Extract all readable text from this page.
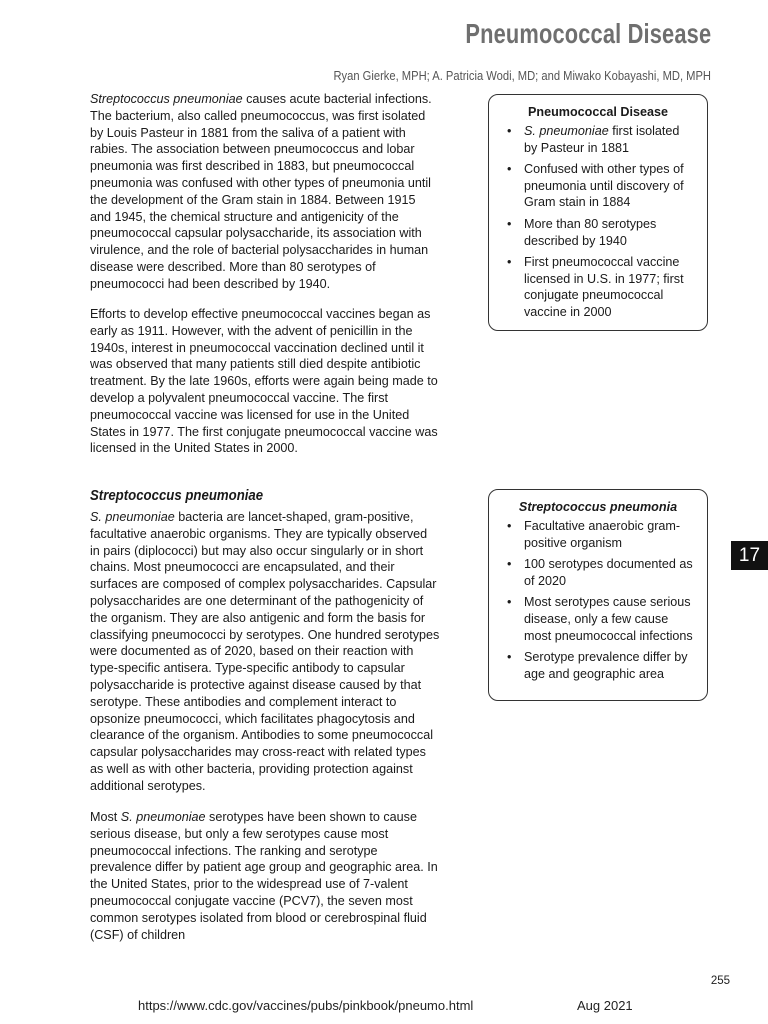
Pneumococcal Disease
Ryan Gierke, MPH; A. Patricia Wodi, MD; and Miwako Kobayashi, MD, MPH

Streptococcus pneumoniae causes acute bacterial infections. The bacterium, also called pneumococcus, was first isolated by Louis Pasteur in 1881 from the saliva of a patient with rabies. The association between pneumococcus and lobar pneumonia was first described in 1883, but pneumococcal pneumonia was confused with other types of pneumonia until the development of the Gram stain in 1884. Between 1915 and 1945, the chemical structure and antigenicity of the pneumococcal capsular polysaccharide, its association with virulence, and the role of bacterial polysaccharides in human disease were described. More than 80 serotypes of pneumococci had been described by 1940.

Efforts to develop effective pneumococcal vaccines began as early as 1911. However, with the advent of penicillin in the 1940s, interest in pneumococcal vaccination declined until it was observed that many patients still died despite antibiotic treatment. By the late 1960s, efforts were again being made to develop a polyvalent pneumococcal vaccine. The first pneumococcal vaccine was licensed for use in the United States in 1977. The first conjugate pneumococcal vaccine was licensed in the United States in 2000.

Streptococcus pneumoniae

S. pneumoniae bacteria are lancet-shaped, gram-positive, facultative anaerobic organisms. They are typically observed in pairs (diplococci) but may also occur singularly or in short chains. Most pneumococci are encapsulated, and their surfaces are composed of complex polysaccharides. Capsular polysaccharides are one determinant of the pathogenicity of the organism. They are also antigenic and form the basis for classifying pneumococci by serotypes. One hundred serotypes were documented as of 2020, based on their reaction with type-specific antisera. Type-specific antibody to capsular polysaccharide is protective against disease caused by that serotype. These antibodies and complement interact to opsonize pneumococci, which facilitates phagocytosis and clearance of the organism. Antibodies to some pneumococcal capsular polysaccharides may cross-react with related types as well as with other bacteria, providing protection against additional serotypes.

Most S. pneumoniae serotypes have been shown to cause serious disease, but only a few serotypes cause most pneumococcal infections. The ranking and serotype prevalence differ by patient age group and geographic area. In the United States, prior to the widespread use of 7-valent pneumococcal conjugate vaccine (PCV7), the seven most common serotypes isolated from blood or cerebrospinal fluid (CSF) of children

Pneumococcal Disease
• S. pneumoniae first isolated by Pasteur in 1881
• Confused with other types of pneumonia until discovery of Gram stain in 1884
• More than 80 serotypes described by 1940
• First pneumococcal vaccine licensed in U.S. in 1977; first conjugate pneumococcal vaccine in 2000
Streptococcus pneumonia
• Facultative anaerobic gram-positive organism
• 100 serotypes documented as of 2020
• Most serotypes cause serious disease, only a few cause most pneumococcal infections
• Serotype prevalence differ by age and geographic area
17
255
https://www.cdc.gov/vaccines/pubs/pinkbook/pneumo.html	Aug 2021
